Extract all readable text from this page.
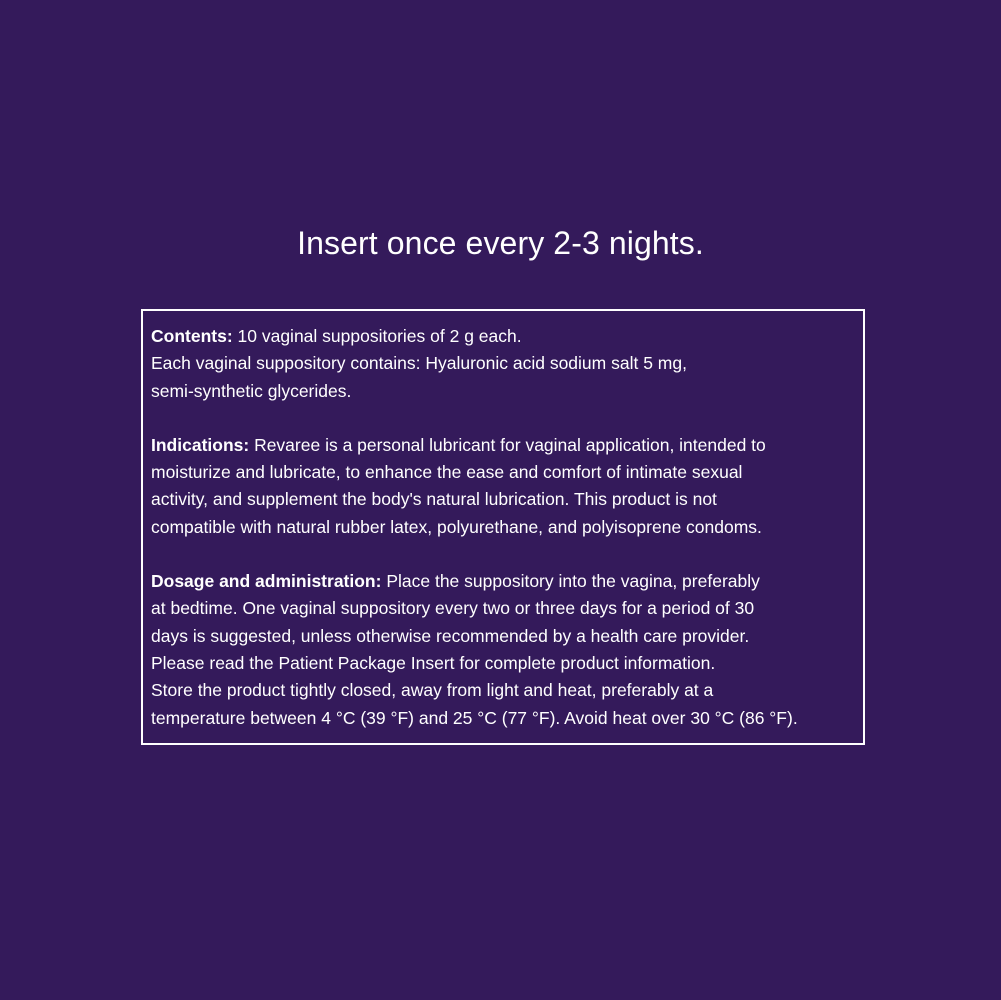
Insert once every 2-3 nights.

Contents: 10 vaginal suppositories of 2 g each.
Each vaginal suppository contains: Hyaluronic acid sodium salt 5 mg,
semi-synthetic glycerides.

Indications: Revaree is a personal lubricant for vaginal application, intended to
moisturize and lubricate, to enhance the ease and comfort of intimate sexual
activity, and supplement the body's natural lubrication. This product is not
compatible with natural rubber latex, polyurethane, and polyisoprene condoms.

Dosage and administration: Place the suppository into the vagina, preferably
at bedtime. One vaginal suppository every two or three days for a period of 30
days is suggested, unless otherwise recommended by a health care provider.
Please read the Patient Package Insert for complete product information.
Store the product tightly closed, away from light and heat, preferably at a
temperature between 4 °C (39 °F) and 25 °C (77 °F). Avoid heat over 30 °C (86 °F).
